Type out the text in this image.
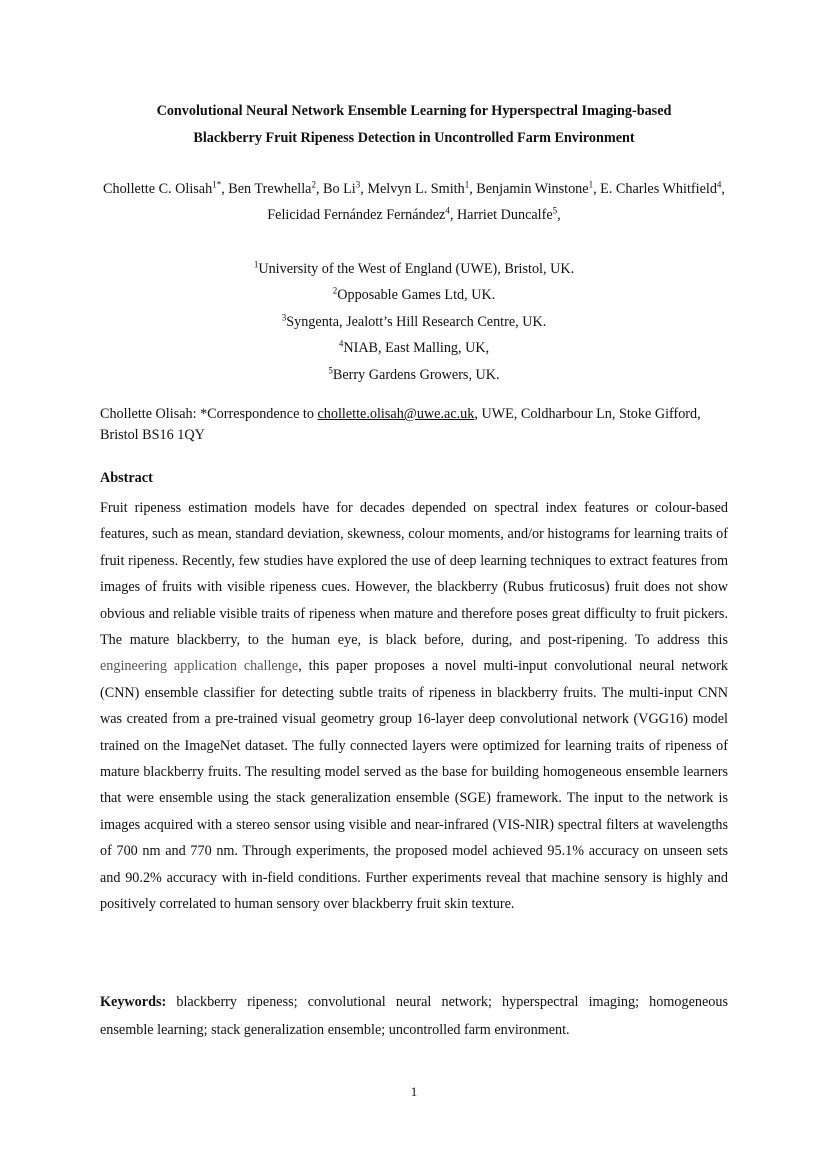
Convolutional Neural Network Ensemble Learning for Hyperspectral Imaging-based
Blackberry Fruit Ripeness Detection in Uncontrolled Farm Environment

Chollette C. Olisah$^{1*}$, Ben Trewhella$^2$, Bo Li$^3$, Melvyn L. Smith$^1$, Benjamin Winstone$^1$, E. Charles Whitfield$^4$, Felicidad Fernández Fernández$^4$, Harriet Duncalfe$^5$,

$^1$University of the West of England (UWE), Bristol, UK.
$^2$Opposable Games Ltd, UK.
$^3$Syngenta, Jealott’s Hill Research Centre, UK.
$^4$NIAB, East Malling, UK,
$^5$Berry Gardens Growers, UK.

Chollette Olisah: *Correspondence to chollette.olisah@uwe.ac.uk, UWE, Coldharbour Ln, Stoke Gifford, Bristol BS16 1QY

Abstract

Fruit ripeness estimation models have for decades depended on spectral index features or colour-based features, such as mean, standard deviation, skewness, colour moments, and/or histograms for learning traits of fruit ripeness. Recently, few studies have explored the use of deep learning techniques to extract features from images of fruits with visible ripeness cues. However, the blackberry (Rubus fruticosus) fruit does not show obvious and reliable visible traits of ripeness when mature and therefore poses great difficulty to fruit pickers. The mature blackberry, to the human eye, is black before, during, and post-ripening. To address this engineering application challenge, this paper proposes a novel multi-input convolutional neural network (CNN) ensemble classifier for detecting subtle traits of ripeness in blackberry fruits. The multi-input CNN was created from a pre-trained visual geometry group 16-layer deep convolutional network (VGG16) model trained on the ImageNet dataset. The fully connected layers were optimized for learning traits of ripeness of mature blackberry fruits. The resulting model served as the base for building homogeneous ensemble learners that were ensemble using the stack generalization ensemble (SGE) framework. The input to the network is images acquired with a stereo sensor using visible and near-infrared (VIS-NIR) spectral filters at wavelengths of 700 nm and 770 nm. Through experiments, the proposed model achieved 95.1% accuracy on unseen sets and 90.2% accuracy with in-field conditions. Further experiments reveal that machine sensory is highly and positively correlated to human sensory over blackberry fruit skin texture.

Keywords: blackberry ripeness; convolutional neural network; hyperspectral imaging; homogeneous ensemble learning; stack generalization ensemble; uncontrolled farm environment.

1
